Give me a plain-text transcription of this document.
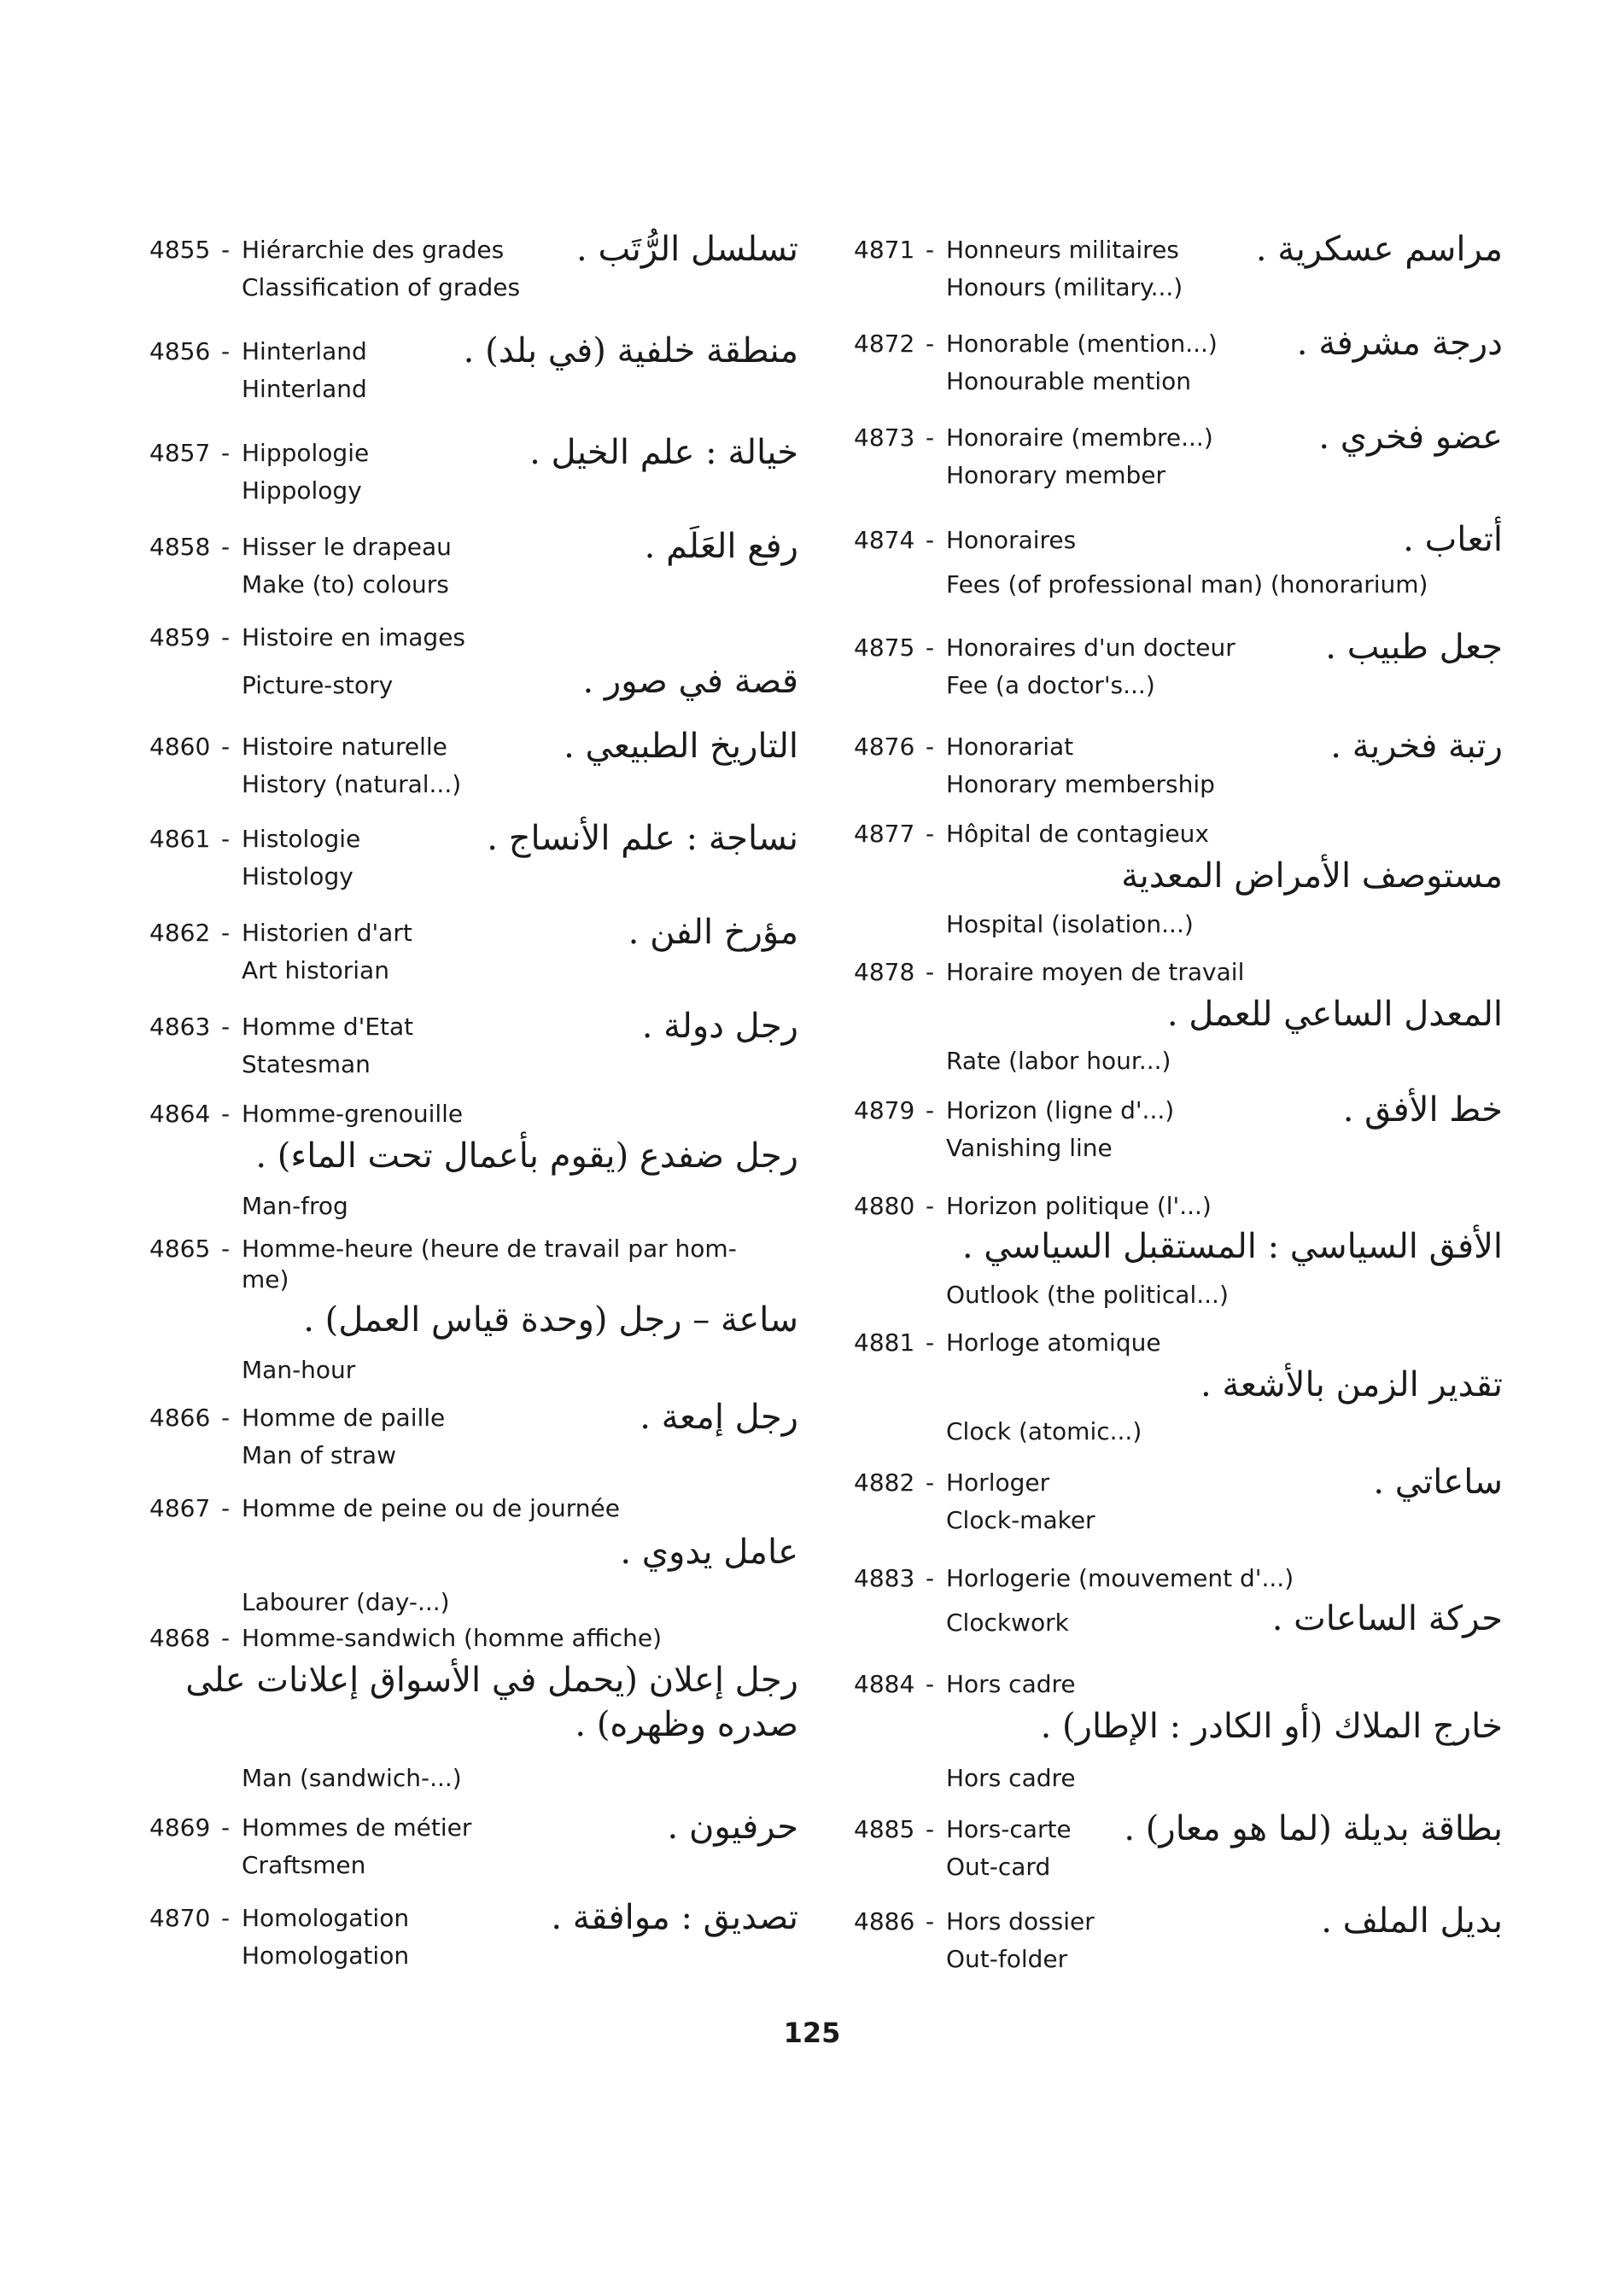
4855 - Hiérarchie des grades
Classification of grades
تسلسل الرُّتَب .
4856 - Hinterland
Hinterland
منطقة خلفية (في بلد) .
4857 - Hippologie
Hippology
خيالة : علم الخيل .
4858 - Hisser le drapeau
Make (to) colours
رفع العَلَم .
4859 - Histoire en images
Picture-story	قصة في صور .
4860 - Histoire naturelle
History (natural...)
التاريخ الطبيعي .
4861 - Histologie
Histology
نساجة : علم الأنساج .
4862 - Historien d'art
Art historian
مؤرخ الفن .
4863 - Homme d'Etat
Statesman
رجل دولة .
4864 - Homme-grenouille
رجل ضفدع (يقوم بأعمال تحت الماء) .
Man-frog
4865 - Homme-heure (heure de travail par hom-
me)
ساعة – رجل (وحدة قياس العمل) .
Man-hour
4866 - Homme de paille
Man of straw
رجل إمعة .
4867 - Homme de peine ou de journée
عامل يدوي .
Labourer (day-...)
4868 - Homme-sandwich (homme affiche)
رجل إعلان (يحمل في الأسواق إعلانات على صدره وظهره) .
Man (sandwich-...)
4869 - Hommes de métier
Craftsmen
حرفيون .
4870 - Homologation
Homologation
تصديق : موافقة .
4871 - Honneurs militaires
Honours (military...)
مراسم عسكرية .
4872 - Honorable (mention...)
Honourable mention
درجة مشرفة .
4873 - Honoraire (membre...)
Honorary member
عضو فخري .
4874 - Honoraires
Fees (of professional man) (honorarium)
أتعاب .
4875 - Honoraires d'un docteur
Fee (a doctor's...)
جعل طبيب .
4876 - Honorariat
Honorary membership
رتبة فخرية .
4877 - Hôpital de contagieux
مستوصف الأمراض المعدية
Hospital (isolation...)
4878 - Horaire moyen de travail
المعدل الساعي للعمل .
Rate (labor hour...)
4879 - Horizon (ligne d'...)
Vanishing line
خط الأفق .
4880 - Horizon politique (l'...)
الأفق السياسي : المستقبل السياسي .
Outlook (the political...)
4881 - Horloge atomique
تقدير الزمن بالأشعة .
Clock (atomic...)
4882 - Horloger
Clock-maker
ساعاتي .
4883 - Horlogerie (mouvement d'...)
Clockwork	حركة الساعات .
4884 - Hors cadre
خارج الملاك (أو الكادر : الإطار) .
Hors cadre
4885 - Hors-carte
Out-card
بطاقة بديلة (لما هو معار) .
4886 - Hors dossier
Out-folder
بديل الملف .
125
